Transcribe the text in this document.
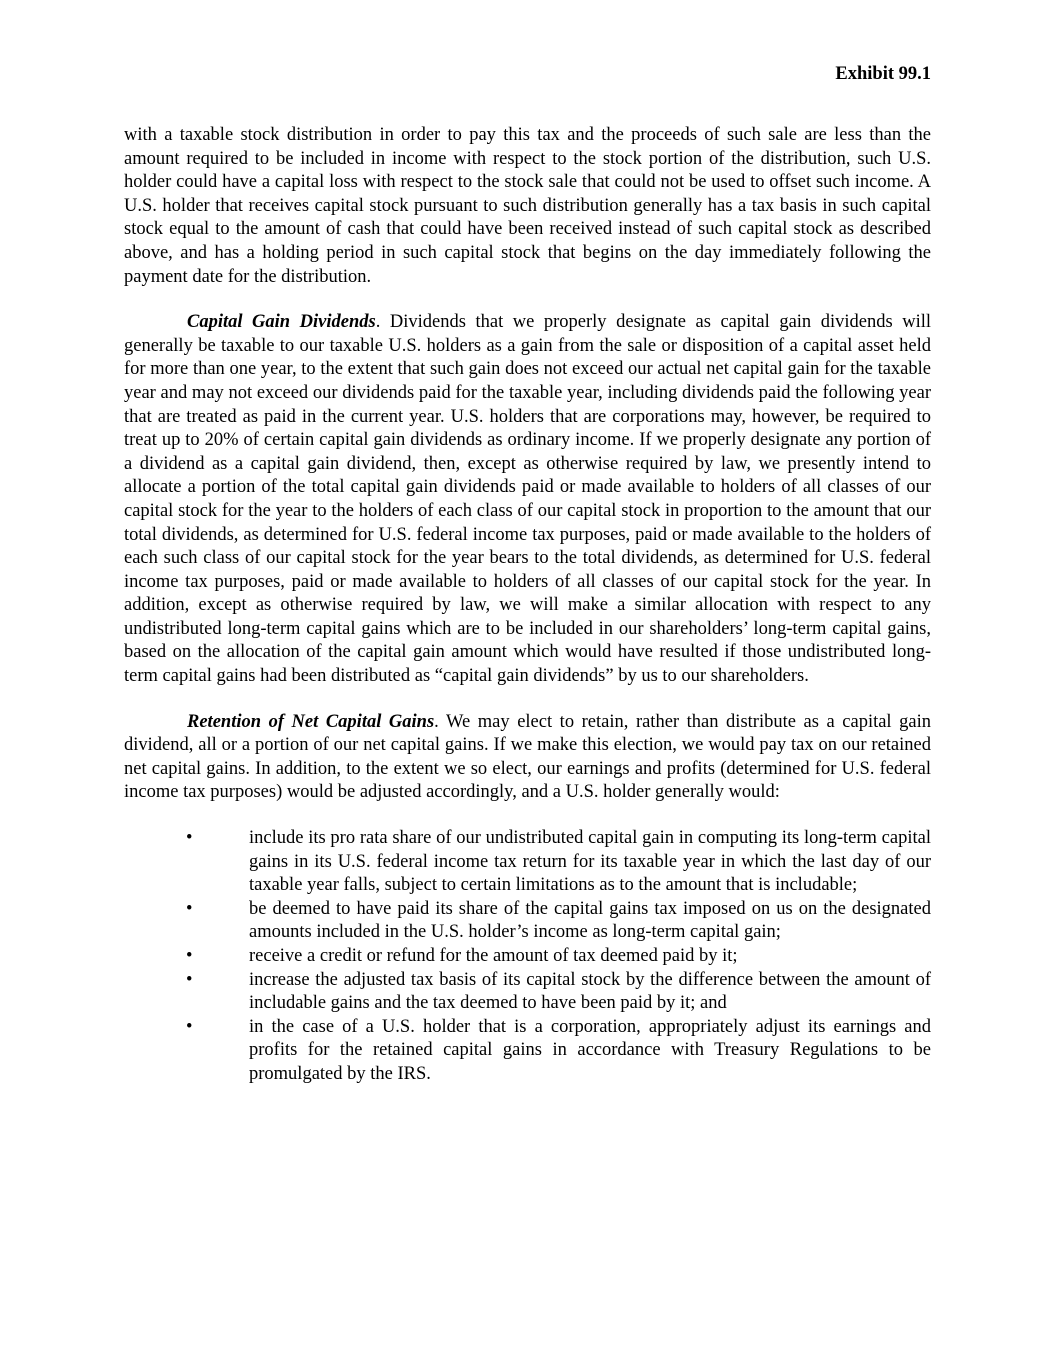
Exhibit 99.1

with a taxable stock distribution in order to pay this tax and the proceeds of such sale are less than the amount required to be included in income with respect to the stock portion of the distribution, such U.S. holder could have a capital loss with respect to the stock sale that could not be used to offset such income. A U.S. holder that receives capital stock pursuant to such distribution generally has a tax basis in such capital stock equal to the amount of cash that could have been received instead of such capital stock as described above, and has a holding period in such capital stock that begins on the day immediately following the payment date for the distribution.

Capital Gain Dividends. Dividends that we properly designate as capital gain dividends will generally be taxable to our taxable U.S. holders as a gain from the sale or disposition of a capital asset held for more than one year, to the extent that such gain does not exceed our actual net capital gain for the taxable year and may not exceed our dividends paid for the taxable year, including dividends paid the following year that are treated as paid in the current year. U.S. holders that are corporations may, however, be required to treat up to 20% of certain capital gain dividends as ordinary income. If we properly designate any portion of a dividend as a capital gain dividend, then, except as otherwise required by law, we presently intend to allocate a portion of the total capital gain dividends paid or made available to holders of all classes of our capital stock for the year to the holders of each class of our capital stock in proportion to the amount that our total dividends, as determined for U.S. federal income tax purposes, paid or made available to the holders of each such class of our capital stock for the year bears to the total dividends, as determined for U.S. federal income tax purposes, paid or made available to holders of all classes of our capital stock for the year. In addition, except as otherwise required by law, we will make a similar allocation with respect to any undistributed long-term capital gains which are to be included in our shareholders’ long-term capital gains, based on the allocation of the capital gain amount which would have resulted if those undistributed long-term capital gains had been distributed as “capital gain dividends” by us to our shareholders.

Retention of Net Capital Gains. We may elect to retain, rather than distribute as a capital gain dividend, all or a portion of our net capital gains. If we make this election, we would pay tax on our retained net capital gains. In addition, to the extent we so elect, our earnings and profits (determined for U.S. federal income tax purposes) would be adjusted accordingly, and a U.S. holder generally would:

•	include its pro rata share of our undistributed capital gain in computing its long-term capital gains in its U.S. federal income tax return for its taxable year in which the last day of our taxable year falls, subject to certain limitations as to the amount that is includable;
•	be deemed to have paid its share of the capital gains tax imposed on us on the designated amounts included in the U.S. holder’s income as long-term capital gain;
•	receive a credit or refund for the amount of tax deemed paid by it;
•	increase the adjusted tax basis of its capital stock by the difference between the amount of includable gains and the tax deemed to have been paid by it; and
•	in the case of a U.S. holder that is a corporation, appropriately adjust its earnings and profits for the retained capital gains in accordance with Treasury Regulations to be promulgated by the IRS.
